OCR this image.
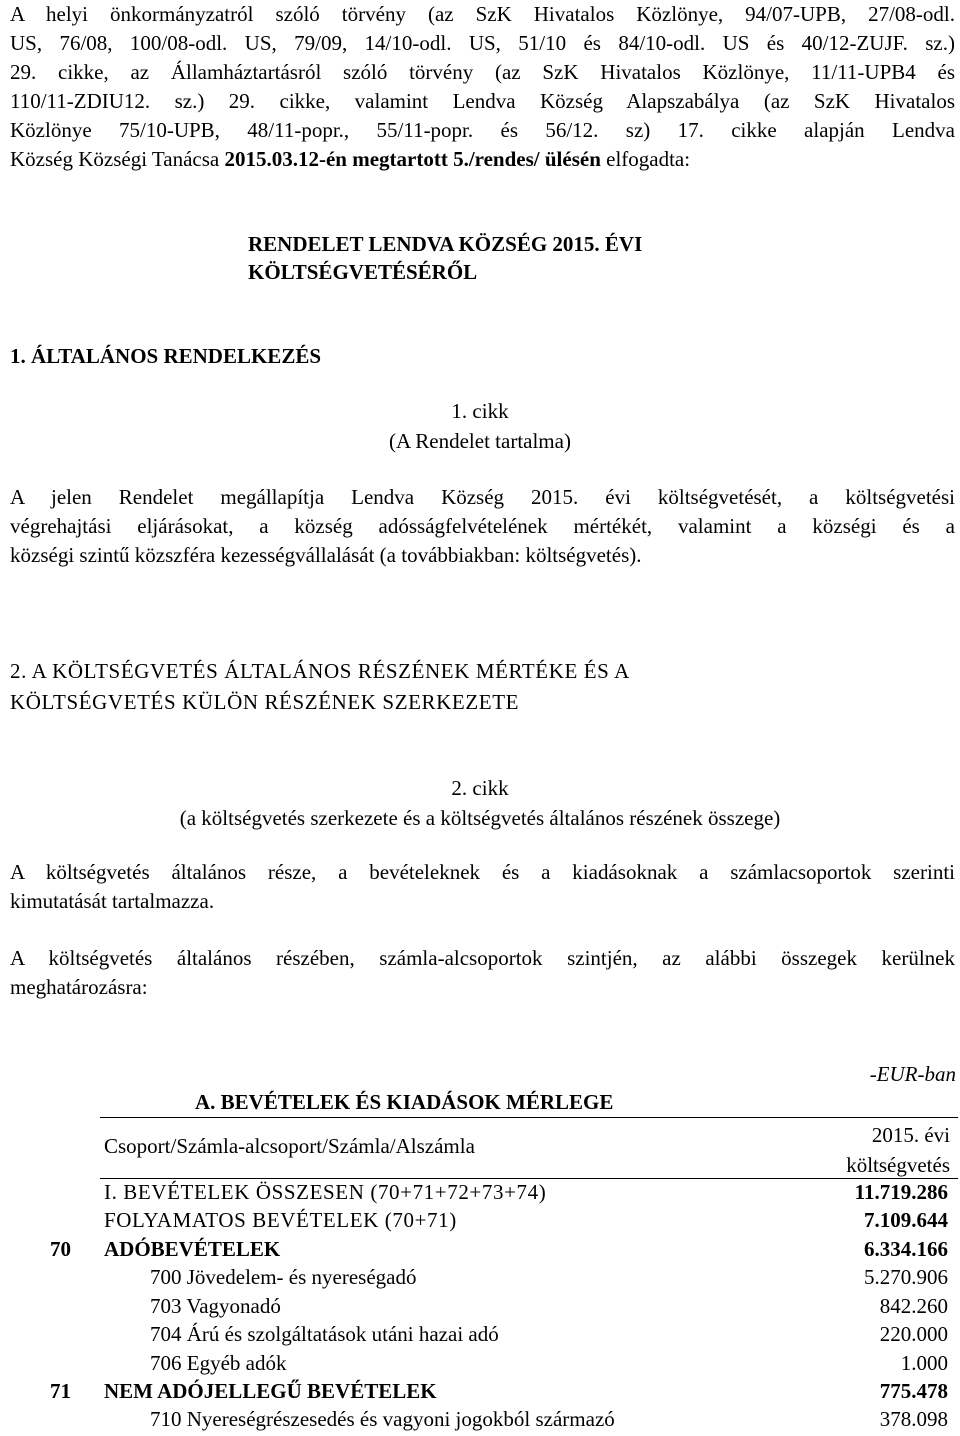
A helyi önkormányzatról szóló törvény (az SzK Hivatalos Közlönye, 94/07-UPB, 27/08-odl.
US, 76/08, 100/08-odl. US, 79/09, 14/10-odl. US, 51/10 és 84/10-odl. US és 40/12-ZUJF. sz.)
29. cikke, az Államháztartásról szóló törvény (az SzK Hivatalos Közlönye, 11/11-UPB4 és
110/11-ZDIU12. sz.) 29. cikke, valamint Lendva Község Alapszabálya (az SzK Hivatalos
Közlönye 75/10-UPB, 48/11-popr., 55/11-popr. és 56/12. sz) 17. cikke alapján Lendva
Község Községi Tanácsa 2015.03.12-én megtartott 5./rendes/ ülésén elfogadta:
RENDELET LENDVA KÖZSÉG 2015. ÉVI
KÖLTSÉGVETÉSÉRŐL
1. ÁLTALÁNOS RENDELKEZÉS
1. cikk
(A Rendelet tartalma)
A jelen Rendelet megállapítja Lendva Község 2015. évi költségvetését, a költségvetési
végrehajtási eljárásokat, a község adósságfelvételének mértékét, valamint a községi és a
községi szintű közszféra kezességvállalását (a továbbiakban: költségvetés).
2. A KÖLTSÉGVETÉS ÁLTALÁNOS RÉSZÉNEK MÉRTÉKE ÉS A
KÖLTSÉGVETÉS KÜLÖN RÉSZÉNEK SZERKEZETE
2. cikk
(a költségvetés szerkezete és a költségvetés általános részének összege)
A költségvetés általános része, a bevételeknek és a kiadásoknak a számlacsoportok szerinti
kimutatását tartalmazza.
A költségvetés általános részében, számla-alcsoportok szintjén, az alábbi összegek kerülnek
meghatározásra:
-EUR-ban
A. BEVÉTELEK ÉS KIADÁSOK MÉRLEGE
Csoport/Számla-alcsoport/Számla/Alszámla	2015. évi
költségvetés
I. BEVÉTELEK ÖSSZESEN (70+71+72+73+74)	11.719.286
FOLYAMATOS BEVÉTELEK (70+71)	7.109.644
70 ADÓBEVÉTELEK	6.334.166
700 Jövedelem- és nyereségadó	5.270.906
703 Vagyonadó	842.260
704 Árú és szolgáltatások utáni hazai adó	220.000
706 Egyéb adók	1.000
71 NEM ADÓJELLEGŰ BEVÉTELEK	775.478
710 Nyereségrészesedés és vagyoni jogokból származó	378.098
